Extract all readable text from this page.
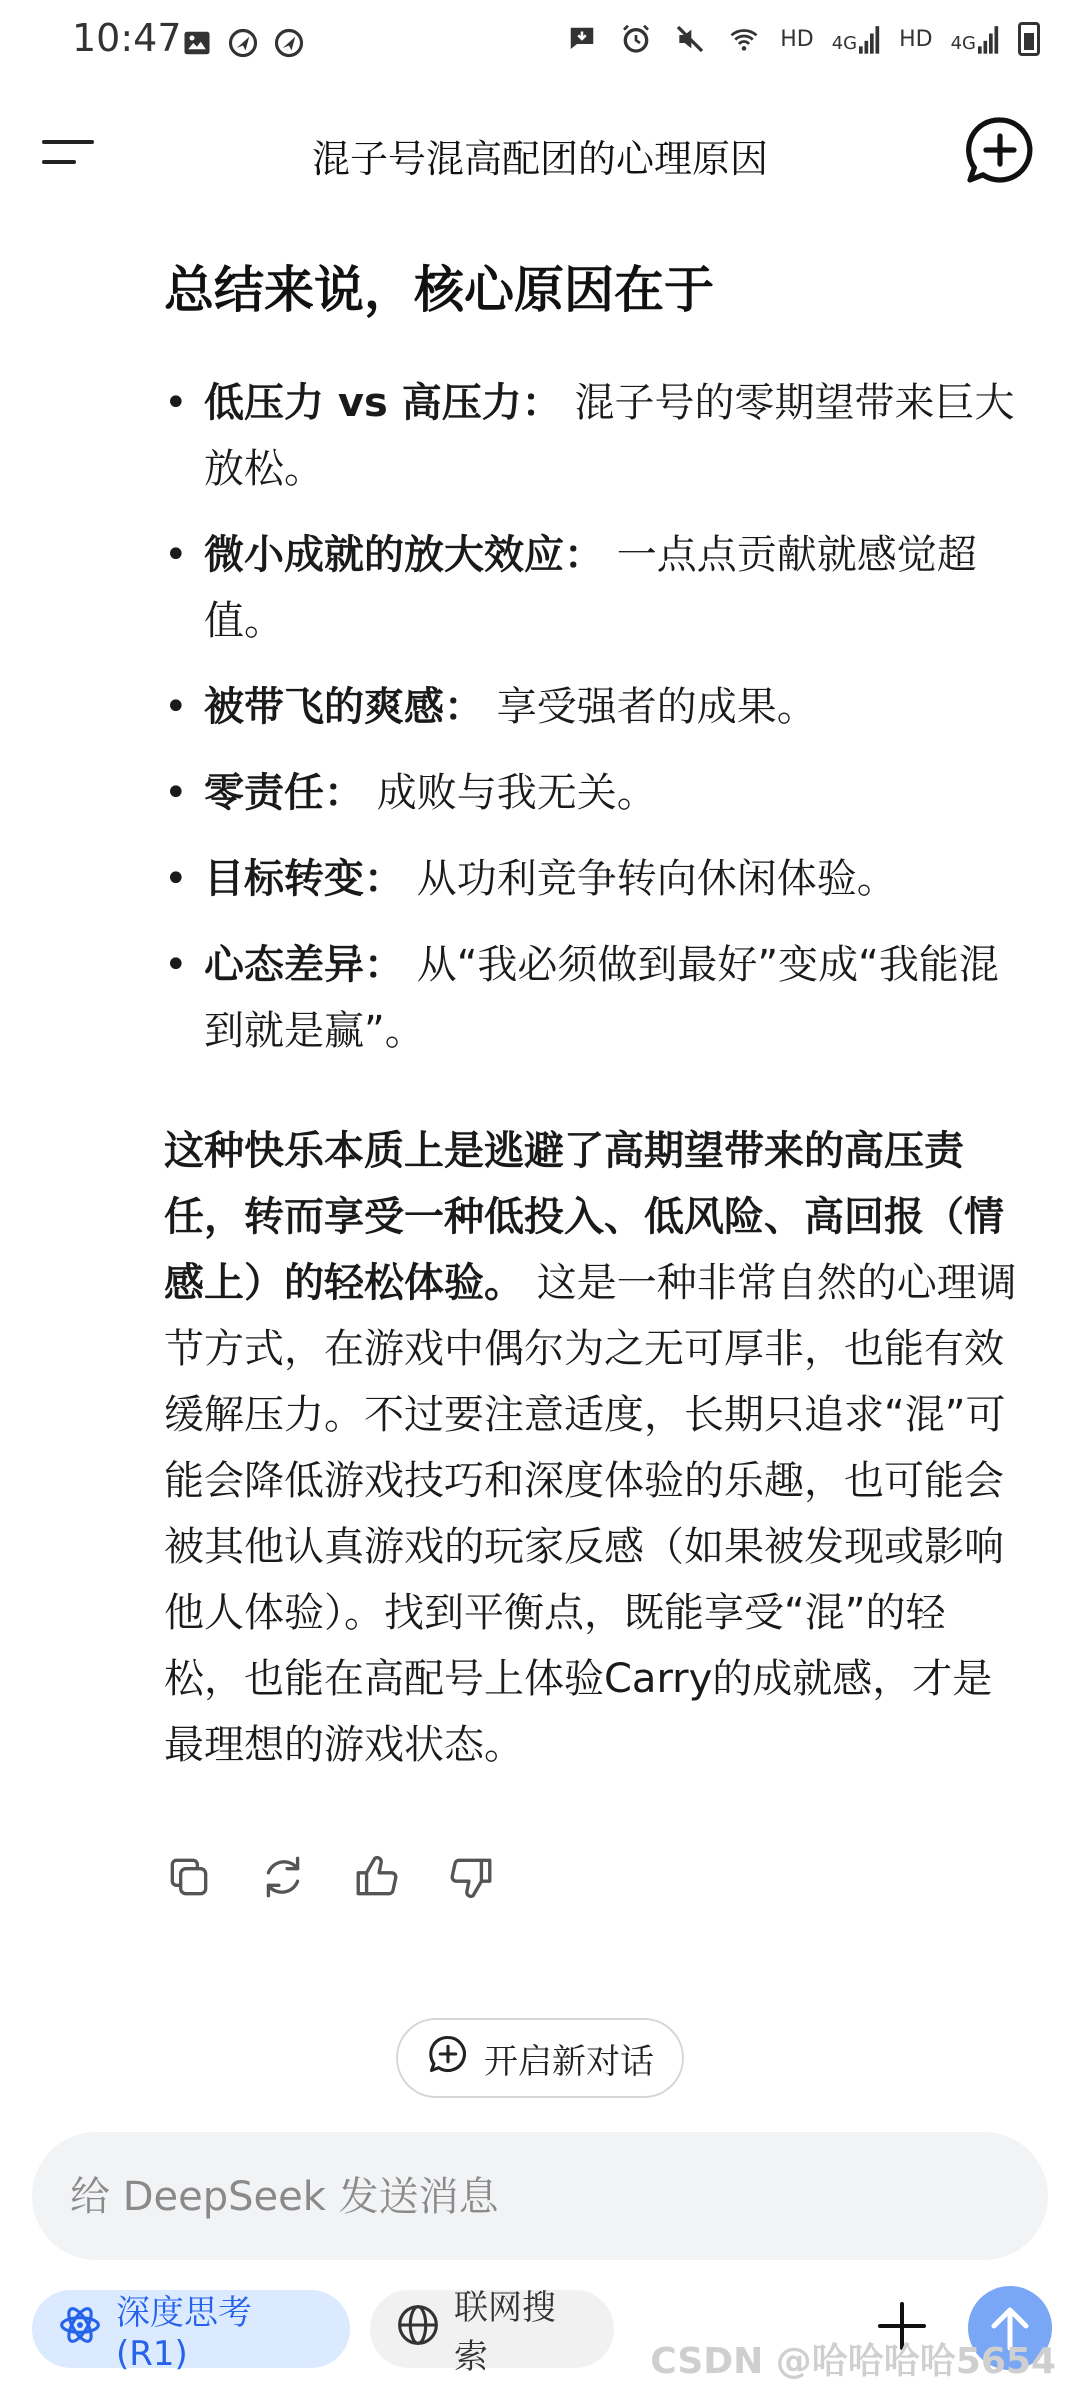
10:47	HD 4G HD 4G
混子号混高配团的心理原因
总结来说，核心原因在于
• 低压力 vs 高压力： 混子号的零期望带来巨大放松。
• 微小成就的放大效应： 一点点贡献就感觉超值。
• 被带飞的爽感： 享受强者的成果。
• 零责任： 成败与我无关。
• 目标转变： 从功利竞争转向休闲体验。
• 心态差异： 从“我必须做到最好”变成“我能混到就是赢”。
这种快乐本质上是逃避了高期望带来的高压责任，转而享受一种低投入、低风险、高回报（情感上）的轻松体验。 这是一种非常自然的心理调节方式，在游戏中偶尔为之无可厚非，也能有效缓解压力。不过要注意适度，长期只追求“混”可能会降低游戏技巧和深度体验的乐趣，也可能会被其他认真游戏的玩家反感（如果被发现或影响他人体验）。找到平衡点，既能享受“混”的轻松，也能在高配号上体验Carry的成就感，才是最理想的游戏状态。
开启新对话
给 DeepSeek 发送消息
深度思考 (R1)
联网搜索	CSDN @哈哈哈哈5654
